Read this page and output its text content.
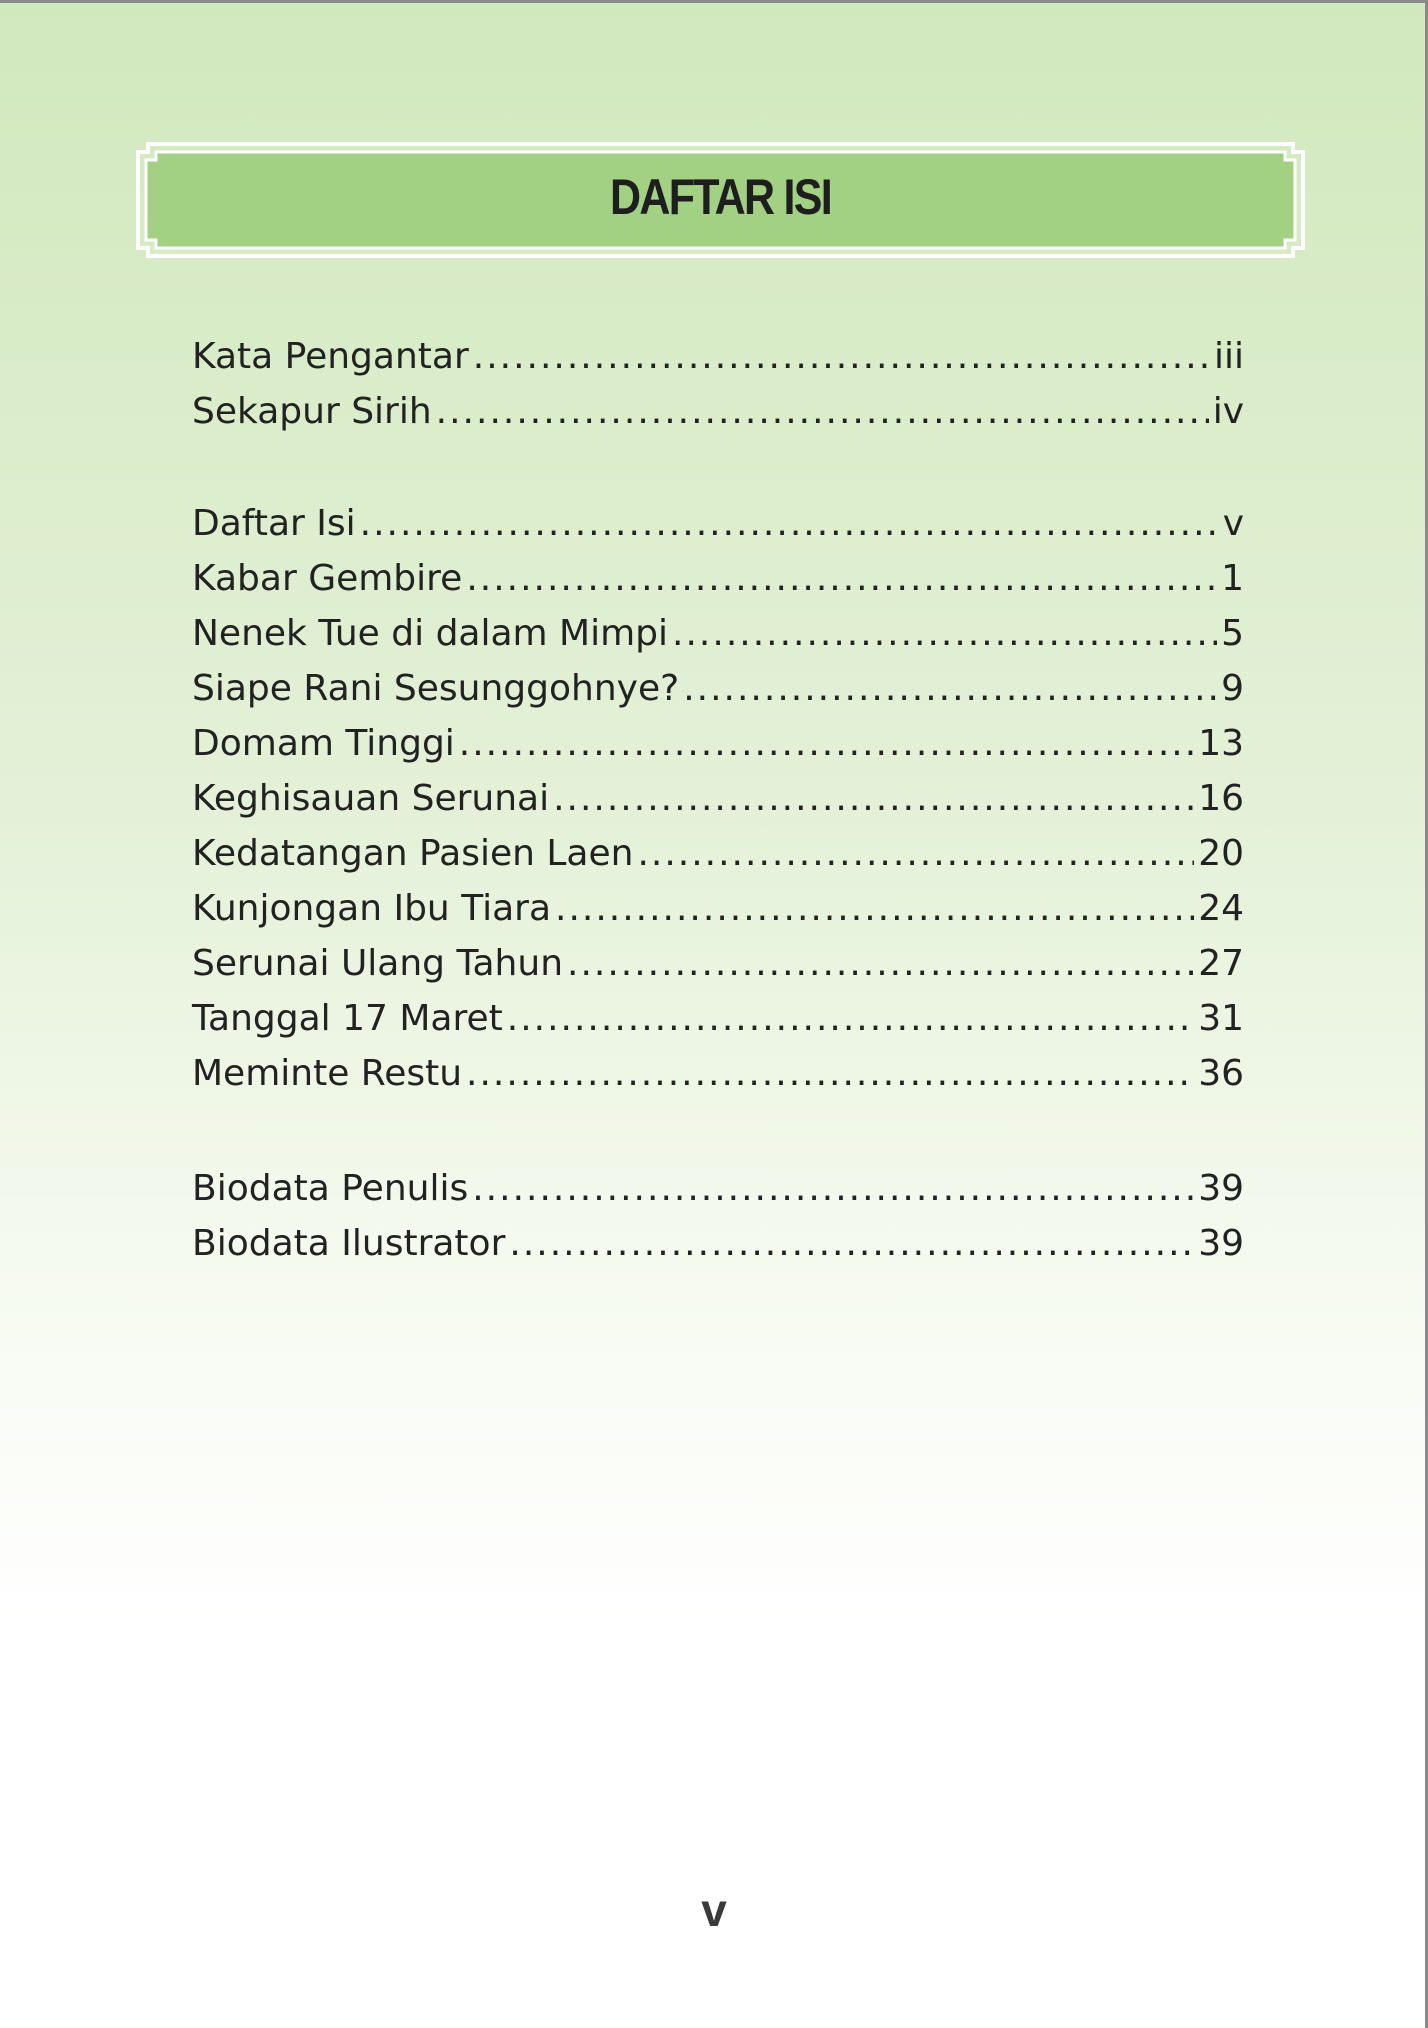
DAFTAR ISI
Kata Pengantar .....	iii
Sekapur Sirih .....	iv
Daftar Isi .....	v
Kabar Gembire .....	1
Nenek Tue di dalam Mimpi .....	5
Siape Rani Sesunggohnye? .....	9
Domam Tinggi .....	13
Keghisauan Serunai .....	16
Kedatangan Pasien Laen .....	20
Kunjongan Ibu Tiara .....	24
Serunai Ulang Tahun .....	27
Tanggal 17 Maret .....	31
Meminte Restu .....	36
Biodata Penulis .....	39
Biodata Ilustrator .....	39
v
